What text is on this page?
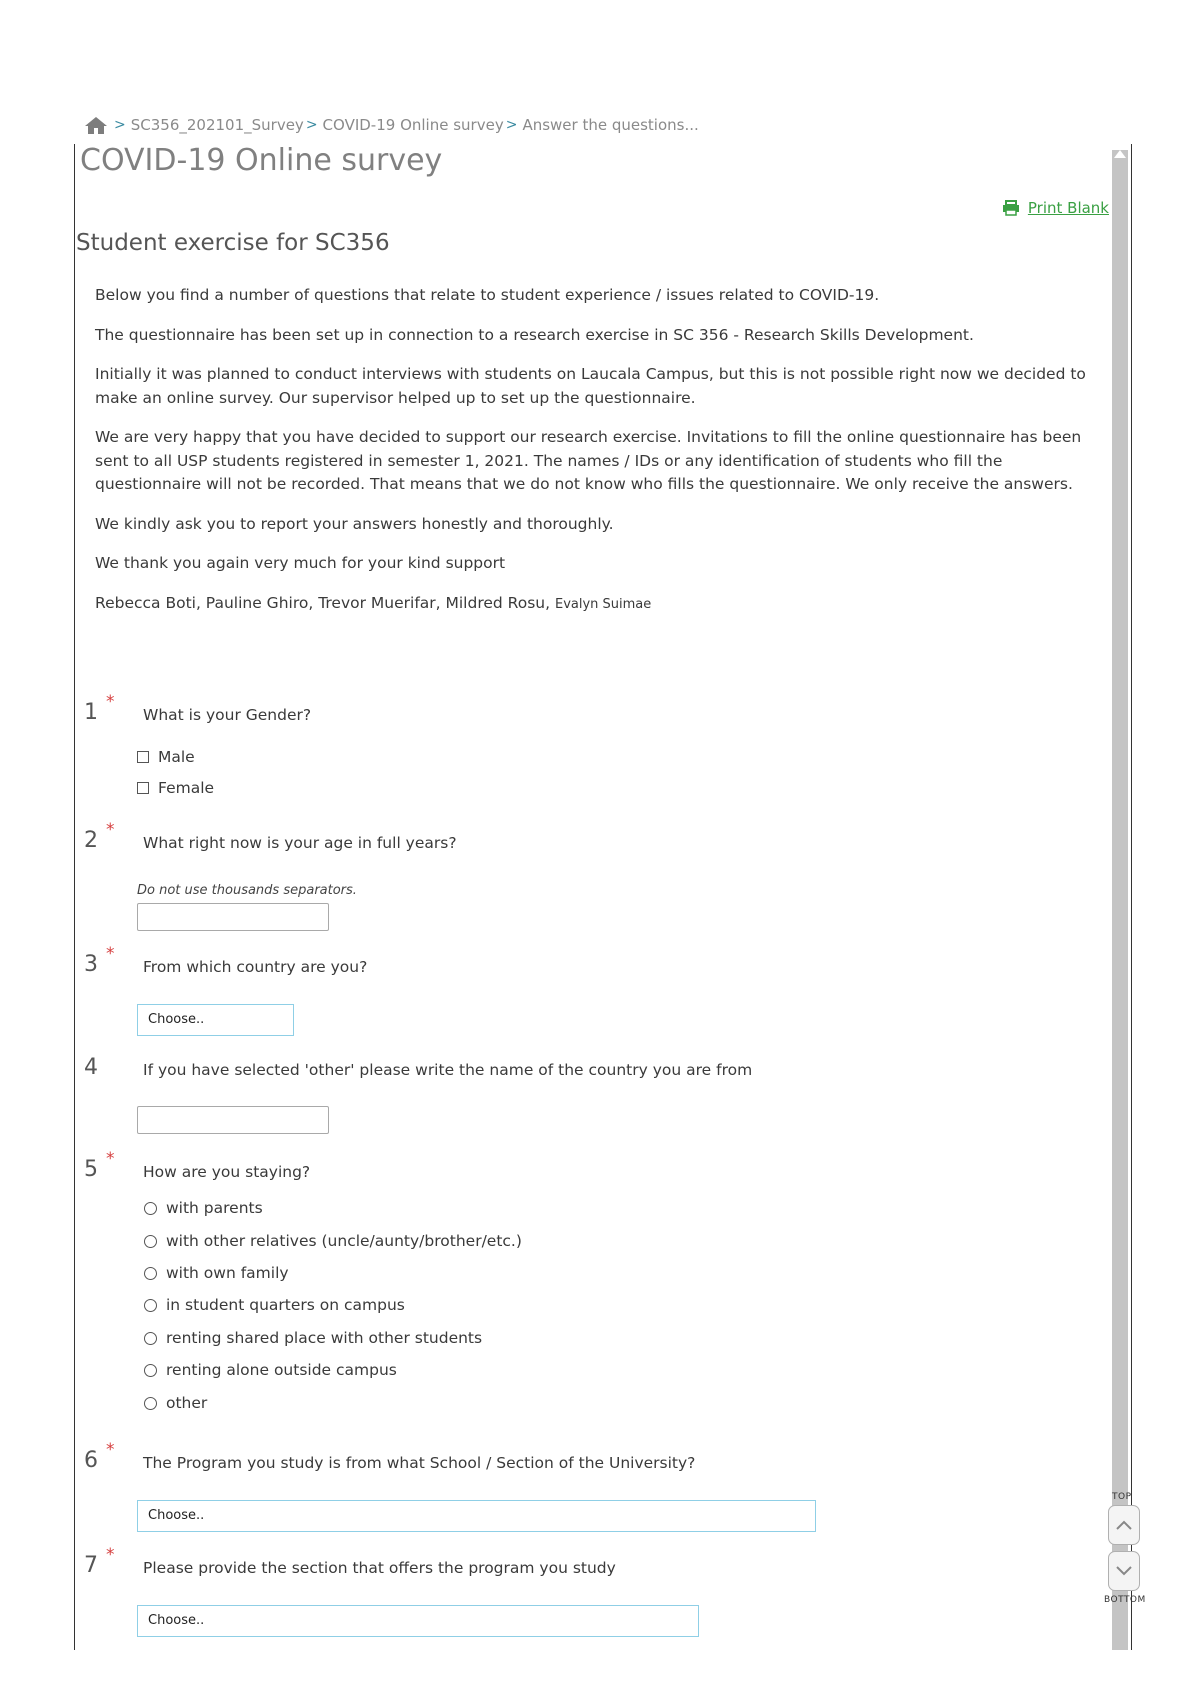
> SC356_202101_Survey > COVID-19 Online survey > Answer the questions...
COVID-19 Online survey
Print Blank
Student exercise for SC356

Below you find a number of questions that relate to student experience / issues related to COVID-19.

The questionnaire has been set up in connection to a research exercise in SC 356 - Research Skills Development.

Initially it was planned to conduct interviews with students on Laucala Campus, but this is not possible right now we decided to make an online survey. Our supervisor helped up to set up the questionnaire.

We are very happy that you have decided to support our research exercise. Invitations to fill the online questionnaire has been sent to all USP students registered in semester 1, 2021. The names / IDs or any identification of students who fill the questionnaire will not be recorded. That means that we do not know who fills the questionnaire. We only receive the answers.

We kindly ask you to report your answers honestly and thoroughly.

We thank you again very much for your kind support

Rebecca Boti, Pauline Ghiro, Trevor Muerifar, Mildred Rosu, Evalyn Suimae

1 *
What is your Gender?
Male
Female
2 *
What right now is your age in full years?
Do not use thousands separators.
3 *
From which country are you?
Choose..
4	If you have selected 'other' please write the name of the country you are from
5 *
How are you staying?
with parents
with other relatives (uncle/aunty/brother/etc.)
with own family
in student quarters on campus
renting shared place with other students
renting alone outside campus
other
6 *
The Program you study is from what School / Section of the University?
Choose..
7 *
Please provide the section that offers the program you study
Choose..
TOP
BOTTOM
